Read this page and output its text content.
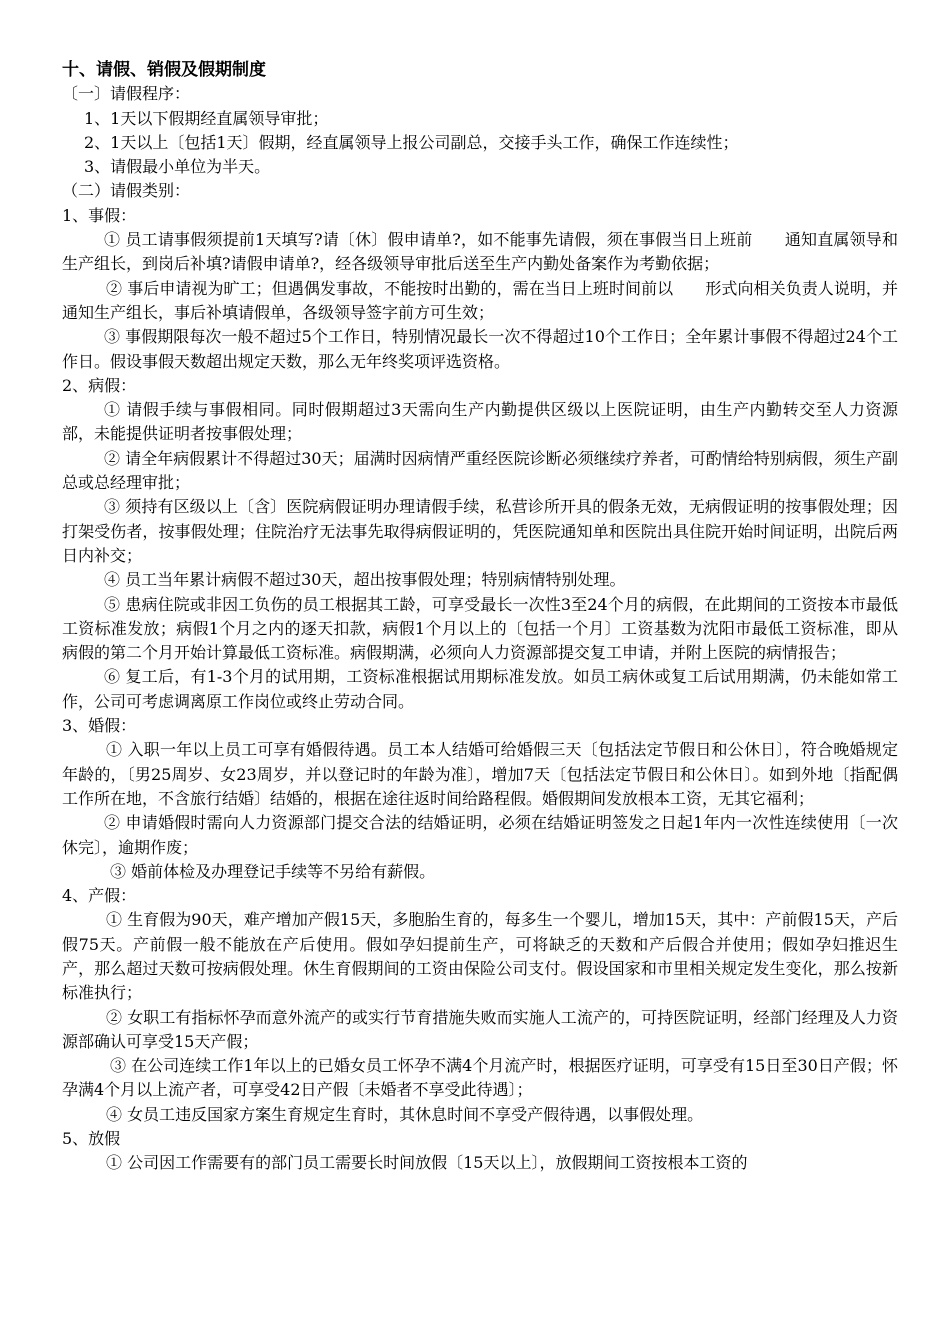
十、请假、销假及假期制度

〔一〕请假程序：

1、1天以下假期经直属领导审批；

2、1天以上〔包括1天〕假期，经直属领导上报公司副总，交接手头工作，确保工作连续性；

3、请假最小单位为半天。

（二）请假类别：

1、事假：

① 员工请事假须提前1天填写?请〔休〕假申请单?，如不能事先请假，须在事假当日上班前　　通知直属领导和生产组长，到岗后补填?请假申请单?，经各级领导审批后送至生产内勤处备案作为考勤依据；

② 事后申请视为旷工；但遇偶发事故，不能按时出勤的，需在当日上班时间前以　　形式向相关负责人说明，并通知生产组长，事后补填请假单，各级领导签字前方可生效；

③ 事假期限每次一般不超过5个工作日，特别情况最长一次不得超过10个工作日；全年累计事假不得超过24个工作日。假设事假天数超出规定天数，那么无年终奖项评选资格。

2、病假：

① 请假手续与事假相同。同时假期超过3天需向生产内勤提供区级以上医院证明，由生产内勤转交至人力资源部，未能提供证明者按事假处理；

② 请全年病假累计不得超过30天；届满时因病情严重经医院诊断必须继续疗养者，可酌情给特别病假，须生产副总或总经理审批；

③ 须持有区级以上〔含〕医院病假证明办理请假手续，私营诊所开具的假条无效，无病假证明的按事假处理；因打架受伤者，按事假处理；住院治疗无法事先取得病假证明的，凭医院通知单和医院出具住院开始时间证明，出院后两日内补交；

④ 员工当年累计病假不超过30天，超出按事假处理；特别病情特别处理。

⑤ 患病住院或非因工负伤的员工根据其工龄，可享受最长一次性3至24个月的病假，在此期间的工资按本市最低工资标准发放；病假1个月之内的逐天扣款，病假1个月以上的〔包括一个月〕工资基数为沈阳市最低工资标准，即从病假的第二个月开始计算最低工资标准。病假期满，必须向人力资源部提交复工申请，并附上医院的病情报告；

⑥ 复工后，有1-3个月的试用期，工资标准根据试用期标准发放。如员工病休或复工后试用期满，仍未能如常工作，公司可考虑调离原工作岗位或终止劳动合同。

3、婚假：

① 入职一年以上员工可享有婚假待遇。员工本人结婚可给婚假三天〔包括法定节假日和公休日〕，符合晚婚规定年龄的，〔男25周岁、女23周岁，并以登记时的年龄为准〕，增加7天〔包括法定节假日和公休日〕。如到外地〔指配偶工作所在地，不含旅行结婚〕结婚的，根据在途往返时间给路程假。婚假期间发放根本工资，无其它福利；

② 申请婚假时需向人力资源部门提交合法的结婚证明，必须在结婚证明签发之日起1年内一次性连续使用〔一次休完〕，逾期作废；

③ 婚前体检及办理登记手续等不另给有薪假。

4、产假：

① 生育假为90天，难产增加产假15天，多胞胎生育的，每多生一个婴儿，增加15天，其中：产前假15天，产后假75天。产前假一般不能放在产后使用。假如孕妇提前生产，可将缺乏的天数和产后假合并使用；假如孕妇推迟生产，那么超过天数可按病假处理。休生育假期间的工资由保险公司支付。假设国家和市里相关规定发生变化，那么按新标准执行；

② 女职工有指标怀孕而意外流产的或实行节育措施失败而实施人工流产的，可持医院证明，经部门经理及人力资源部确认可享受15天产假；

③ 在公司连续工作1年以上的已婚女员工怀孕不满4个月流产时，根据医疗证明，可享受有15日至30日产假；怀孕满4个月以上流产者，可享受42日产假〔未婚者不享受此待遇〕；

④ 女员工违反国家方案生育规定生育时，其休息时间不享受产假待遇，以事假处理。

5、放假

① 公司因工作需要有的部门员工需要长时间放假〔15天以上〕，放假期间工资按根本工资的
